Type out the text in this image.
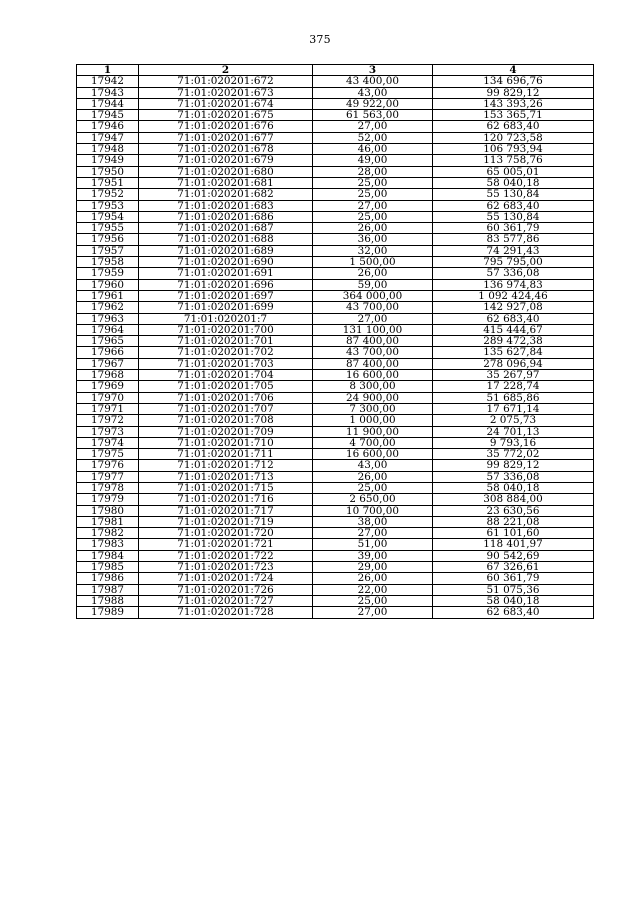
375
1	2	3	4
17942	71:01:020201:672	43 400,00	134 696,76
17943	71:01:020201:673	43,00	99 829,12
17944	71:01:020201:674	49 922,00	143 393,26
17945	71:01:020201:675	61 563,00	153 365,71
17946	71:01:020201:676	27,00	62 683,40
17947	71:01:020201:677	52,00	120 723,58
17948	71:01:020201:678	46,00	106 793,94
17949	71:01:020201:679	49,00	113 758,76
17950	71:01:020201:680	28,00	65 005,01
17951	71:01:020201:681	25,00	58 040,18
17952	71:01:020201:682	25,00	55 130,84
17953	71:01:020201:683	27,00	62 683,40
17954	71:01:020201:686	25,00	55 130,84
17955	71:01:020201:687	26,00	60 361,79
17956	71:01:020201:688	36,00	83 577,86
17957	71:01:020201:689	32,00	74 291,43
17958	71:01:020201:690	1 500,00	795 795,00
17959	71:01:020201:691	26,00	57 336,08
17960	71:01:020201:696	59,00	136 974,83
17961	71:01:020201:697	364 000,00	1 092 424,46
17962	71:01:020201:699	43 700,00	142 927,08
17963	71:01:020201:7	27,00	62 683,40
17964	71:01:020201:700	131 100,00	415 444,67
17965	71:01:020201:701	87 400,00	289 472,38
17966	71:01:020201:702	43 700,00	135 627,84
17967	71:01:020201:703	87 400,00	278 096,94
17968	71:01:020201:704	16 600,00	35 267,97
17969	71:01:020201:705	8 300,00	17 228,74
17970	71:01:020201:706	24 900,00	51 685,86
17971	71:01:020201:707	7 300,00	17 671,14
17972	71:01:020201:708	1 000,00	2 075,73
17973	71:01:020201:709	11 900,00	24 701,13
17974	71:01:020201:710	4 700,00	9 793,16
17975	71:01:020201:711	16 600,00	35 772,02
17976	71:01:020201:712	43,00	99 829,12
17977	71:01:020201:713	26,00	57 336,08
17978	71:01:020201:715	25,00	58 040,18
17979	71:01:020201:716	2 650,00	308 884,00
17980	71:01:020201:717	10 700,00	23 630,56
17981	71:01:020201:719	38,00	88 221,08
17982	71:01:020201:720	27,00	61 101,60
17983	71:01:020201:721	51,00	118 401,97
17984	71:01:020201:722	39,00	90 542,69
17985	71:01:020201:723	29,00	67 326,61
17986	71:01:020201:724	26,00	60 361,79
17987	71:01:020201:726	22,00	51 075,36
17988	71:01:020201:727	25,00	58 040,18
17989	71:01:020201:728	27,00	62 683,40
